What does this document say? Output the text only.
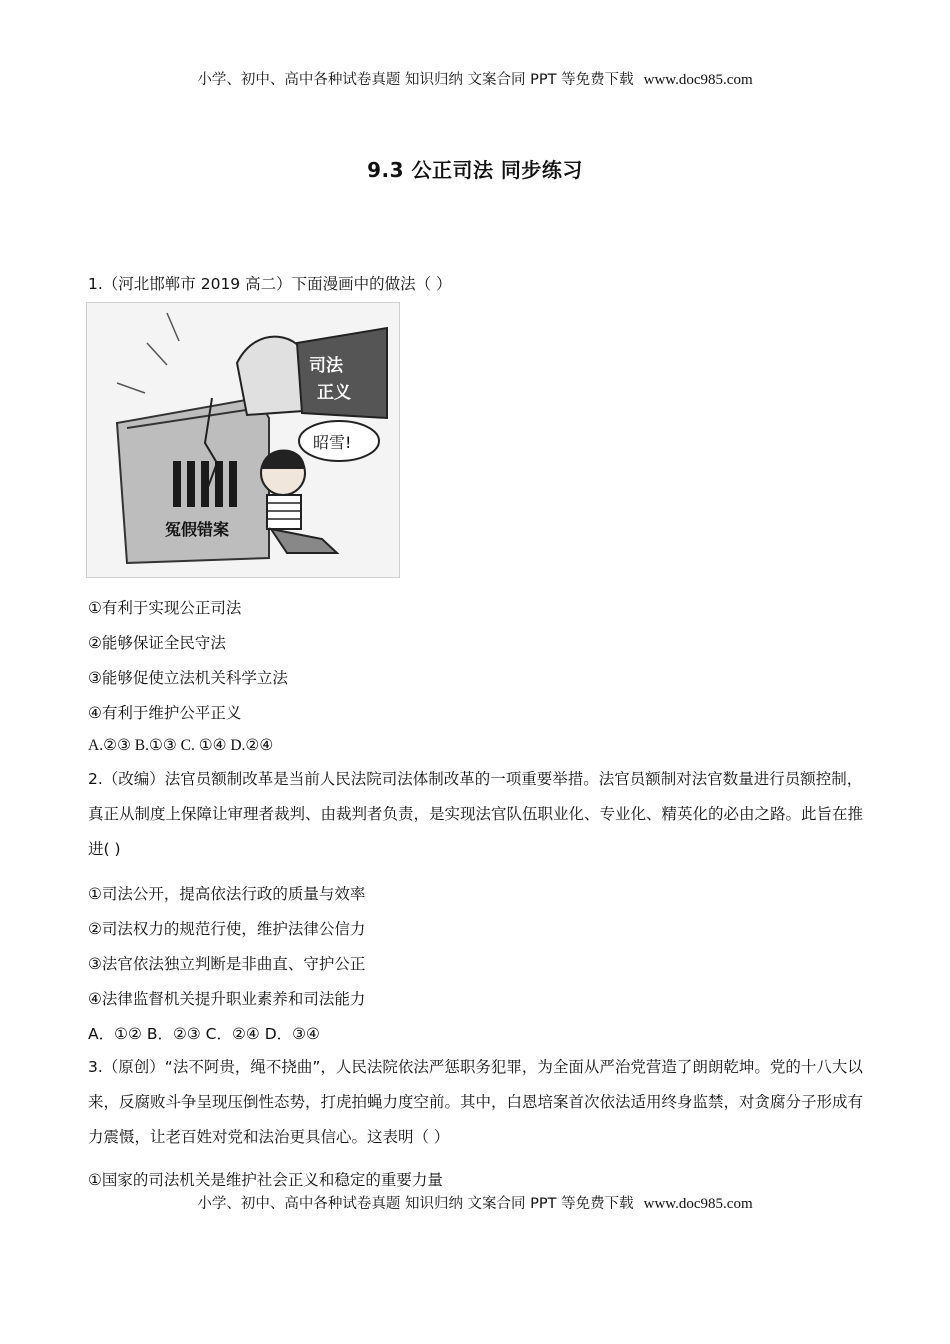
小学、初中、高中各种试卷真题 知识归纳 文案合同 PPT 等免费下载 www.doc985.com
9.3 公正司法 同步练习
1.（河北邯郸市 2019 高二）下面漫画中的做法（ ）
冤假错案
司法
正义
昭雪!
①有利于实现公正司法
②能够保证全民守法
③能够促使立法机关科学立法
④有利于维护公平正义
A.②③ B.①③ C. ①④ D.②④
2.（改编）法官员额制改革是当前人民法院司法体制改革的一项重要举措。法官员额制对法官数量进行员额控制，真正从制度上保障让审理者裁判、由裁判者负责，是实现法官队伍职业化、专业化、精英化的必由之路。此旨在推进( )
①司法公开，提高依法行政的质量与效率
②司法权力的规范行使，维护法律公信力
③法官依法独立判断是非曲直、守护公正
④法律监督机关提升职业素养和司法能力
A．①② B．②③ C．②④ D．③④
3.（原创）“法不阿贵，绳不挠曲”，人民法院依法严惩职务犯罪，为全面从严治党营造了朗朗乾坤。党的十八大以来，反腐败斗争呈现压倒性态势，打虎拍蝇力度空前。其中，白恩培案首次依法适用终身监禁，对贪腐分子形成有力震慑，让老百姓对党和法治更具信心。这表明（ ）
①国家的司法机关是维护社会正义和稳定的重要力量
小学、初中、高中各种试卷真题 知识归纳 文案合同 PPT 等免费下载 www.doc985.com
